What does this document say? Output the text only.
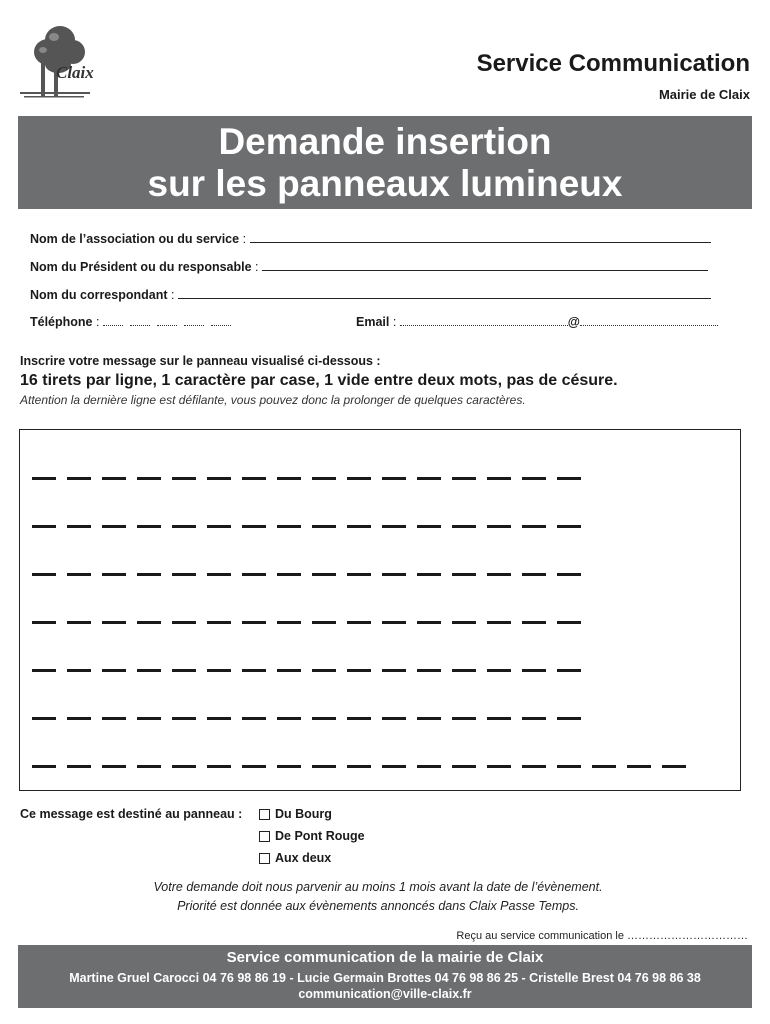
Claix	Service Communication
Mairie de Claix
Demande insertion
sur les panneaux lumineux
Nom de l’association ou du service :
Nom du Président ou du responsable :
Nom du correspondant :
Téléphone :	Email :	@
Inscrire votre message sur le panneau visualisé ci-dessous :
16 tirets par ligne, 1 caractère par case, 1 vide entre deux mots, pas de césure.
Attention la dernière ligne est défilante, vous pouvez donc la prolonger de quelques caractères.
Ce message est destiné au panneau :	Du Bourg
De Pont Rouge
Aux deux
Votre demande doit nous parvenir au moins 1 mois avant la date de l’évènement.
Priorité est donnée aux évènements annoncés dans Claix Passe Temps.
Reçu au service communication le ……………………………
Service communication de la mairie de Claix
Martine Gruel Carocci 04 76 98 86 19 - Lucie Germain Brottes 04 76 98 86 25 - Cristelle Brest 04 76 98 86 38
communication@ville-claix.fr
